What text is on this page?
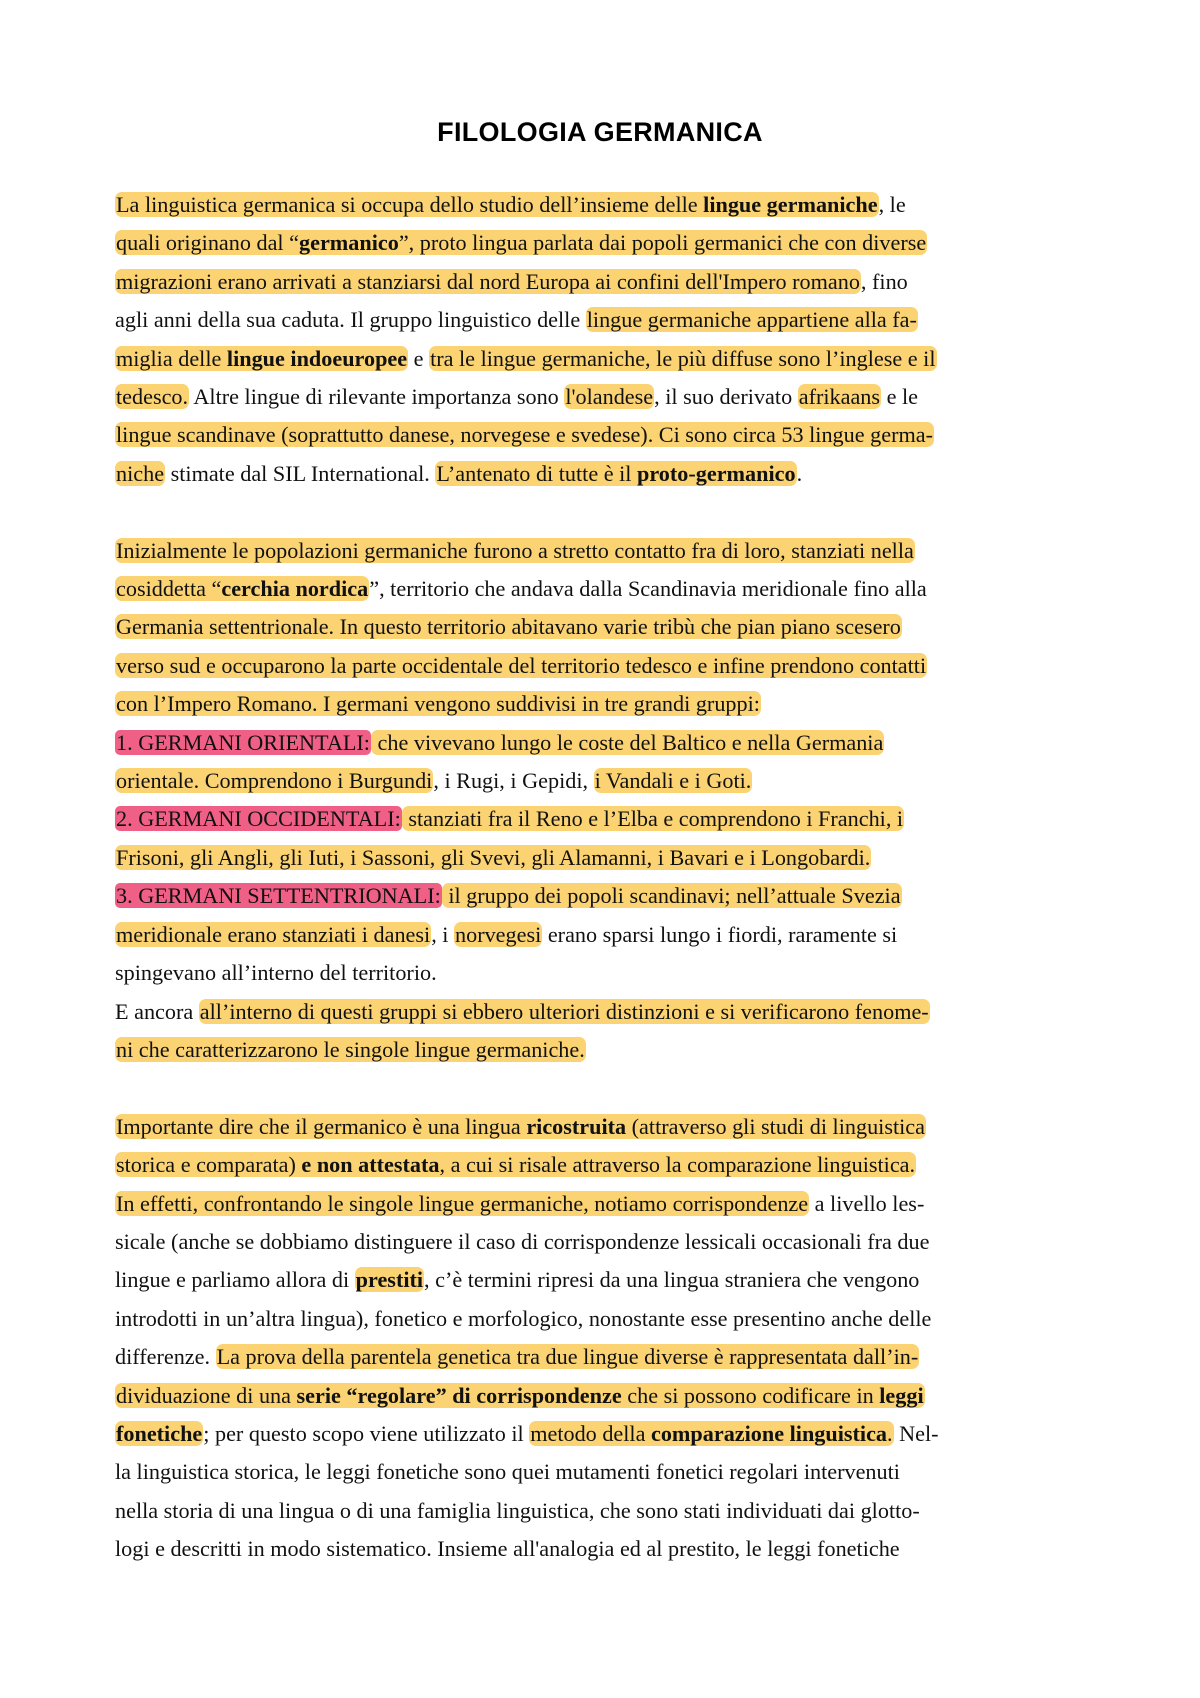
FILOLOGIA GERMANICA
La linguistica germanica si occupa dello studio dell’insieme delle lingue germaniche, le
quali originano dal “germanico”, proto lingua parlata dai popoli germanici che con diverse
migrazioni erano arrivati a stanziarsi dal nord Europa ai confini dell'Impero romano, fino
agli anni della sua caduta. Il gruppo linguistico delle lingue germaniche appartiene alla fa-
miglia delle lingue indoeuropee e tra le lingue germaniche, le più diffuse sono l’inglese e il
tedesco. Altre lingue di rilevante importanza sono l'olandese, il suo derivato afrikaans e le
lingue scandinave (soprattutto danese, norvegese e svedese). Ci sono circa 53 lingue germa-
niche stimate dal SIL International. L’antenato di tutte è il proto-germanico.
Inizialmente le popolazioni germaniche furono a stretto contatto fra di loro, stanziati nella
cosiddetta “cerchia nordica”, territorio che andava dalla Scandinavia meridionale fino alla
Germania settentrionale. In questo territorio abitavano varie tribù che pian piano scesero
verso sud e occuparono la parte occidentale del territorio tedesco e infine prendono contatti
con l’Impero Romano. I germani vengono suddivisi in tre grandi gruppi:
1. GERMANI ORIENTALI: che vivevano lungo le coste del Baltico e nella Germania
orientale. Comprendono i Burgundi, i Rugi, i Gepidi, i Vandali e i Goti.
2. GERMANI OCCIDENTALI: stanziati fra il Reno e l’Elba e comprendono i Franchi, i
Frisoni, gli Angli, gli Iuti, i Sassoni, gli Svevi, gli Alamanni, i Bavari e i Longobardi.
3. GERMANI SETTENTRIONALI: il gruppo dei popoli scandinavi; nell’attuale Svezia
meridionale erano stanziati i danesi, i norvegesi erano sparsi lungo i fiordi, raramente si
spingevano all’interno del territorio.
E ancora all’interno di questi gruppi si ebbero ulteriori distinzioni e si verificarono fenome-
ni che caratterizzarono le singole lingue germaniche.
Importante dire che il germanico è una lingua ricostruita (attraverso gli studi di linguistica
storica e comparata) e non attestata, a cui si risale attraverso la comparazione linguistica.
In effetti, confrontando le singole lingue germaniche, notiamo corrispondenze a livello les-
sicale (anche se dobbiamo distinguere il caso di corrispondenze lessicali occasionali fra due
lingue e parliamo allora di prestiti, c’è termini ripresi da una lingua straniera che vengono
introdotti in un’altra lingua), fonetico e morfologico, nonostante esse presentino anche delle
differenze. La prova della parentela genetica tra due lingue diverse è rappresentata dall’in-
dividuazione di una serie “regolare” di corrispondenze che si possono codificare in leggi
fonetiche; per questo scopo viene utilizzato il metodo della comparazione linguistica. Nel-
la linguistica storica, le leggi fonetiche sono quei mutamenti fonetici regolari intervenuti
nella storia di una lingua o di una famiglia linguistica, che sono stati individuati dai glotto-
logi e descritti in modo sistematico. Insieme all'analogia ed al prestito, le leggi fonetiche
